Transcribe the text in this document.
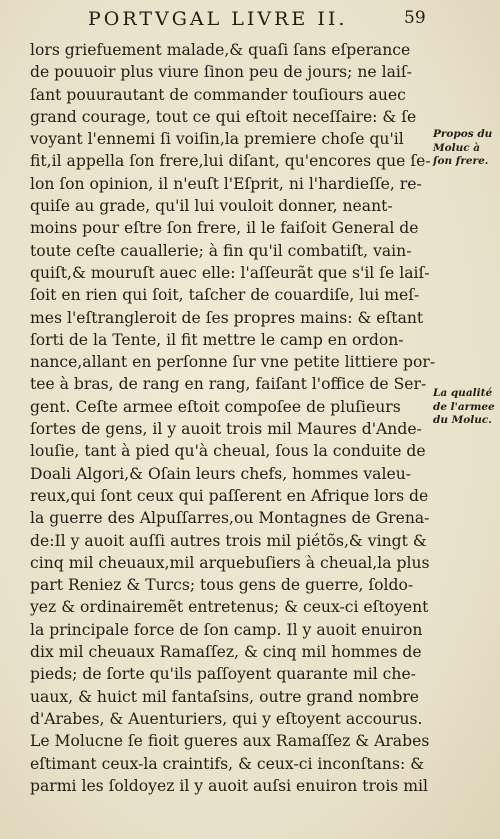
PORTVGAL LIVRE II.	59
lors griefuement malade,& quaſi ſans eſperance
de pouuoir plus viure ſinon peu de jours; ne laiſ-
ſant pouurautant de commander touſiours auec
grand courage, tout ce qui eſtoit neceſſaire: & ſe
voyant l'ennemi ſi voiſin,la premiere choſe qu'il
fit,il appella ſon frere,lui diſant, qu'encores que ſe-
lon ſon opinion, il n'euſt l'Eſprit, ni l'hardieſſe, re-
quiſe au grade, qu'il lui vouloit donner, neant-
moins pour eſtre ſon frere, il le faiſoit General de
toute ceſte cauallerie; à fin qu'il combatiſt, vain-
quiſt,& mouruſt auec elle: l'aſſeurãt que s'il ſe laiſ-
ſoit en rien qui ſoit, taſcher de couardiſe, lui meſ-
mes l'eſtrangleroit de ſes propres mains: & eſtant
ſorti de la Tente, il fit mettre le camp en ordon-
nance,allant en perſonne ſur vne petite littiere por-
tee à bras, de rang en rang, faiſant l'office de Ser-
gent. Ceſte armee eſtoit compoſee de pluſieurs
ſortes de gens, il y auoit trois mil Maures d'Ande-
louſie, tant à pied qu'à cheual, ſous la conduite de
Doali Algori,& Oſain leurs chefs, hommes valeu-
reux,qui ſont ceux qui paſſerent en Afrique lors de
la guerre des Alpuſſarres,ou Montagnes de Grena-
de:Il y auoit auſſi autres trois mil piétõs,& vingt &
cinq mil cheuaux,mil arquebuſiers à cheual,la plus
part Reniez & Turcs; tous gens de guerre, ſoldo-
yez & ordinairemẽt entretenus; & ceux-ci eſtoyent
la principale force de ſon camp. Il y auoit enuiron
dix mil cheuaux Ramaſſez, & cinq mil hommes de
pieds; de ſorte qu'ils paſſoyent quarante mil che-
uaux, & huict mil fantaſsins, outre grand nombre
d'Arabes, & Auenturiers, qui y eſtoyent accourus.
Le Molucne ſe fioit gueres aux Ramaſſez & Arabes
eſtimant ceux-la craintifs, & ceux-ci inconſtans: &
parmi les ſoldoyez il y auoit auſsi enuiron trois mil
Propos du
Moluc à
ſon frere.
La qualité
de l'armee
du Moluc.
